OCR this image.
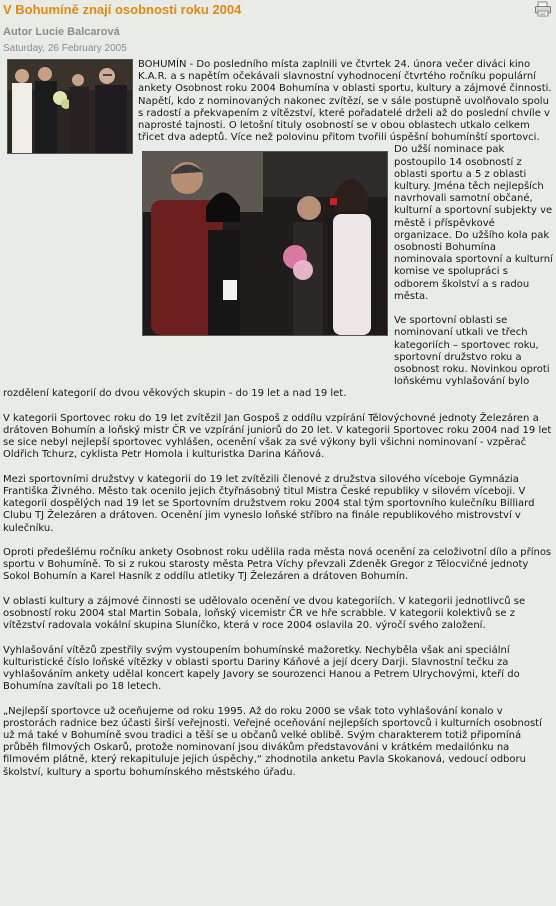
V Bohumíně znají osobnosti roku 2004
Autor Lucie Balcarová
Saturday, 26 February 2005

BOHUMÍN - Do posledního místa zaplnili ve čtvrtek 24. února večer diváci kino K.A.R. a s napětím očekávali slavnostní vyhodnocení čtvrtého ročníku populární ankety Osobnost roku 2004 Bohumína v oblasti sportu, kultury a zájmové činnosti. Napětí, kdo z nominovaných nakonec zvítězí, se v sále postupně uvolňovalo spolu s radostí a překvapením z vítězství, které pořadatelé drželi až do poslední chvíle v naprosté tajnosti. O letošní tituly osobností se v obou oblastech utkalo celkem třicet dva adeptů. Více než polovinu přitom tvořili úspěšní bohumínští sportovci. Do užší nominace pak postoupilo 14 osobností z oblasti sportu a 5 z oblasti kultury. Jména těch nejlepších navrhovali samotní občané, kulturní a sportovní subjekty ve městě i příspěvkové organizace. Do užšího kola pak osobnosti Bohumína nominovala sportovní a kulturní komise ve spolupráci s odborem školství a s radou města.

Ve sportovní oblasti se nominovaní utkali ve třech kategoriích – sportovec roku, sportovní družstvo roku a osobnost roku. Novinkou oproti loňskému vyhlašování bylo rozdělení kategorií do dvou věkových skupin - do 19 let a nad 19 let.

V kategorii Sportovec roku do 19 let zvítězil Jan Gospoš z oddílu vzpírání Tělovýchovné jednoty Železáren a drátoven Bohumín a loňský mistr ČR ve vzpírání juniorů do 20 let. V kategorii Sportovec roku 2004 nad 19 let se sice nebyl nejlepší sportovec vyhlášen, ocenění však za své výkony byli všichni nominovaní - vzpěrač Oldřich Tchurz, cyklista Petr Homola i kulturistka Darina Káňová.

Mezi sportovními družstvy v kategorii do 19 let zvítězili členové z družstva silového víceboje Gymnázia Františka Živného. Město tak ocenilo jejich čtyřnásobný titul Mistra České republiky v silovém víceboji. V kategorii dospělých nad 19 let se Sportovním družstvem roku 2004 stal tým sportovního kulečníku Billiard Clubu TJ Železáren a drátoven. Ocenění jim vyneslo loňské stříbro na finále republikového mistrovství v kulečníku.

Oproti předešlému ročníku ankety Osobnost roku udělila rada města nová ocenění za celoživotní dílo a přínos sportu v Bohumíně. To si z rukou starosty města Petra Víchy převzali Zdeněk Gregor z Tělocvičné jednoty Sokol Bohumín a Karel Hasník z oddílu atletiky TJ Železáren a drátoven Bohumín.

V oblasti kultury a zájmové činnosti se udělovalo ocenění ve dvou kategoriích. V kategorii jednotlivců se osobností roku 2004 stal Martin Sobala, loňský vicemistr ČR ve hře scrabble. V kategorii kolektivů se z vítězství radovala vokální skupina Sluníčko, která v roce 2004 oslavila 20. výročí svého založení.

Vyhlašování vítězů zpestřily svým vystoupením bohumínské mažoretky. Nechyběla však ani speciální kulturistické číslo loňské vítězky v oblasti sportu Dariny Káňové a její dcery Darji. Slavnostní tečku za vyhlašováním ankety udělal koncert kapely Javory se sourozenci Hanou a Petrem Ulrychovými, kteří do Bohumína zavítali po 18 letech.

„Nejlepší sportovce už oceňujeme od roku 1995. Až do roku 2000 se však toto vyhlašování konalo v prostorách radnice bez účasti širší veřejnosti. Veřejné oceňování nejlepších sportovců i kulturních osobností už má také v Bohumíně svou tradici a těší se u občanů velké oblibě. Svým charakterem totiž připomíná průběh filmových Oskarů, protože nominovaní jsou divákům představováni v krátkém medailónku na filmovém plátně, který rekapituluje jejich úspěchy,“ zhodnotila anketu Pavla Skokanová, vedoucí odboru školství, kultury a sportu bohumínského městského úřadu.
